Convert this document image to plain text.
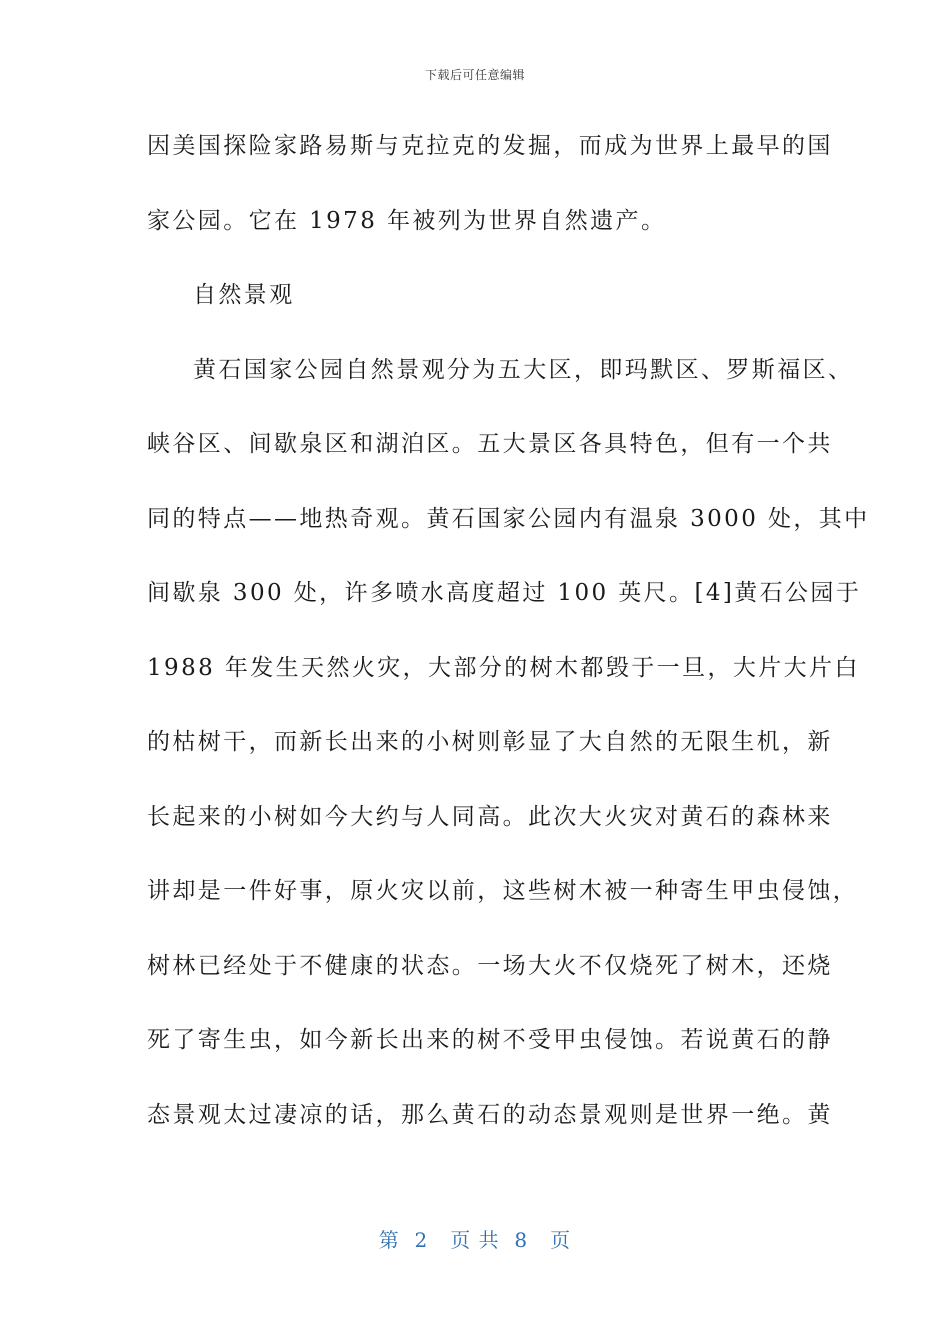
下载后可任意编辑
因美国探险家路易斯与克拉克的发掘，而成为世界上最早的国
家公园。它在 1978 年被列为世界自然遗产。
自然景观
黄石国家公园自然景观分为五大区，即玛默区、罗斯福区、
峡谷区、间歇泉区和湖泊区。五大景区各具特色，但有一个共
同的特点——地热奇观。黄石国家公园内有温泉 3000 处，其中
间歇泉 300 处，许多喷水高度超过 100 英尺。[4]黄石公园于
1988 年发生天然火灾，大部分的树木都毁于一旦，大片大片白
的枯树干，而新长出来的小树则彰显了大自然的无限生机，新
长起来的小树如今大约与人同高。此次大火灾对黄石的森林来
讲却是一件好事，原火灾以前，这些树木被一种寄生甲虫侵蚀，
树林已经处于不健康的状态。一场大火不仅烧死了树木，还烧
死了寄生虫，如今新长出来的树不受甲虫侵蚀。若说黄石的静
态景观太过凄凉的话，那么黄石的动态景观则是世界一绝。黄
第  2   页 共  8   页
